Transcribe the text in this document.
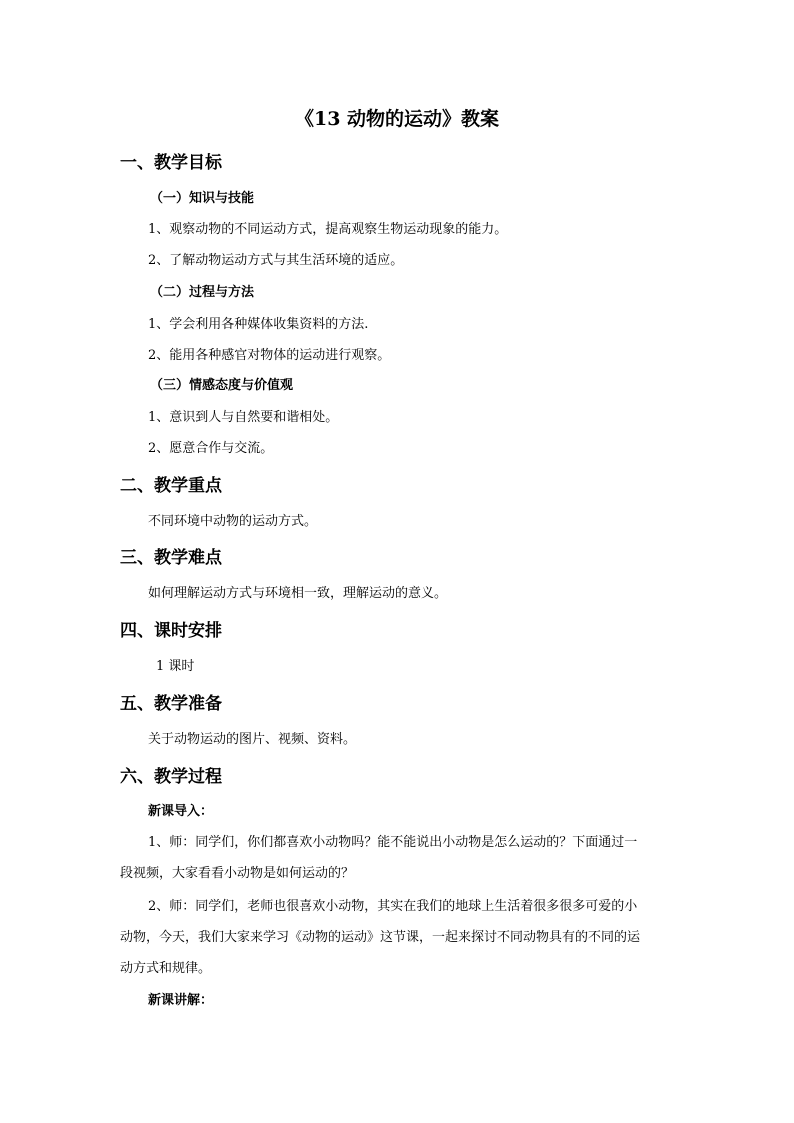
《13 动物的运动》教案
一、教学目标
（一）知识与技能
1、观察动物的不同运动方式，提高观察生物运动现象的能力。
2、了解动物运动方式与其生活环境的适应。
（二）过程与方法
1、学会利用各种媒体收集资料的方法.
2、能用各种感官对物体的运动进行观察。
（三）情感态度与价值观
1、意识到人与自然要和谐相处。
2、愿意合作与交流。
二、教学重点
不同环境中动物的运动方式。
三、教学难点
如何理解运动方式与环境相一致，理解运动的意义。
四、课时安排
1 课时
五、教学准备
关于动物运动的图片、视频、资料。
六、教学过程
新课导入：
1、师：同学们，你们都喜欢小动物吗？能不能说出小动物是怎么运动的？下面通过一
段视频，大家看看小动物是如何运动的？
2、师：同学们，老师也很喜欢小动物，其实在我们的地球上生活着很多很多可爱的小
动物，今天，我们大家来学习《动物的运动》这节课，一起来探讨不同动物具有的不同的运
动方式和规律。
新课讲解：
